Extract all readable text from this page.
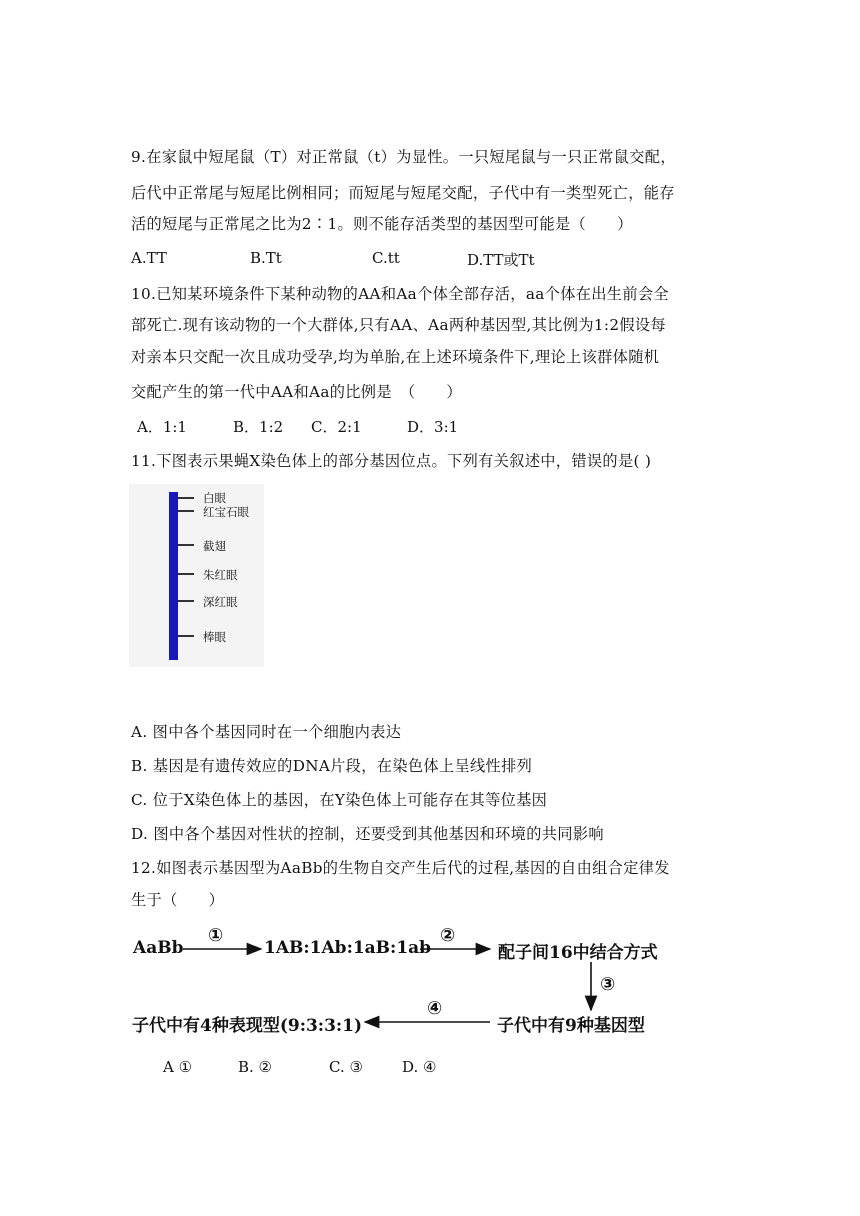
9.在家鼠中短尾鼠（T）对正常鼠（t）为显性。一只短尾鼠与一只正常鼠交配，
后代中正常尾与短尾比例相同；而短尾与短尾交配，子代中有一类型死亡，能存
活的短尾与正常尾之比为2∶1。则不能存活类型的基因型可能是（　　）
A.TT	B.Tt	C.tt	D.TT或Tt
10.已知某环境条件下某种动物的AA和Aa个体全部存活，aa个体在出生前会全
部死亡.现有该动物的一个大群体,只有AA、Aa两种基因型,其比例为1:2假设每
对亲本只交配一次且成功受孕,均为单胎,在上述环境条件下,理论上该群体随机
交配产生的第一代中AA和Aa的比例是　（　　）
A．1:1	B．1:2 C．2:1	D．3:1
11.下图表示果蝇X染色体上的部分基因位点。下列有关叙述中，错误的是( )
白眼
红宝石眼
截翅
朱红眼
深红眼
棒眼
A. 图中各个基因同时在一个细胞内表达
B. 基因是有遗传效应的DNA片段，在染色体上呈线性排列
C. 位于X染色体上的基因，在Y染色体上可能存在其等位基因
D. 图中各个基因对性状的控制，还要受到其他基因和环境的共同影响
12.如图表示基因型为AaBb的生物自交产生后代的过程,基因的自由组合定律发
生于（　　）
AaBb	1AB:1Ab:1aB:1ab	配子间16中结合方式
子代中有9种基因型
子代中有4种表现型(9:3:3:1)
①	②
③
④
A ①	B. ②	C. ③	D. ④
